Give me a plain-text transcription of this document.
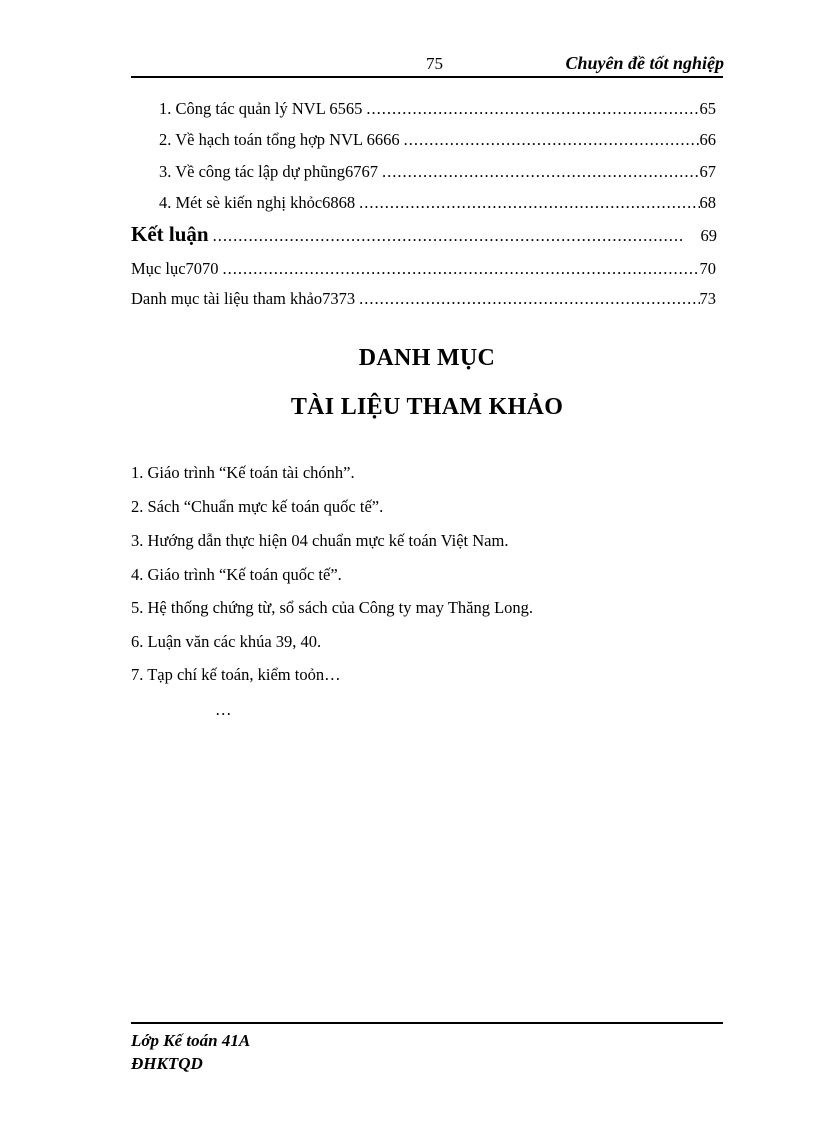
75	Chuyên đề tốt nghiệp
1. Công tác quản lý NVL 6565 .....	65
2. Về hạch toán tổng hợp NVL 6666 .....	66
3. Về công tác lập dự phũng6767 .....	67
4. Mét sè kiến nghị khỏc6868 .....	68
Kết luận .....	69
Mục lục7070 .....	70
Danh mục tài liệu tham khảo7373 .....	73
DANH MỤC
TÀI LIỆU THAM KHẢO
1. Giáo trình “Kế toán tài chónh”.
2. Sách “Chuẩn mực kế toán quốc tế”.
3. Hướng dẫn thực hiện 04 chuẩn mực kế toán Việt Nam.
4. Giáo trình “Kế toán quốc tế”.
5. Hệ thống chứng từ, sổ sách của Công ty may Thăng Long.
6. Luận văn các khúa 39, 40.
7. Tạp chí kế toán, kiểm toỏn…
…
Lớp Kế toán 41A
ĐHKTQD
